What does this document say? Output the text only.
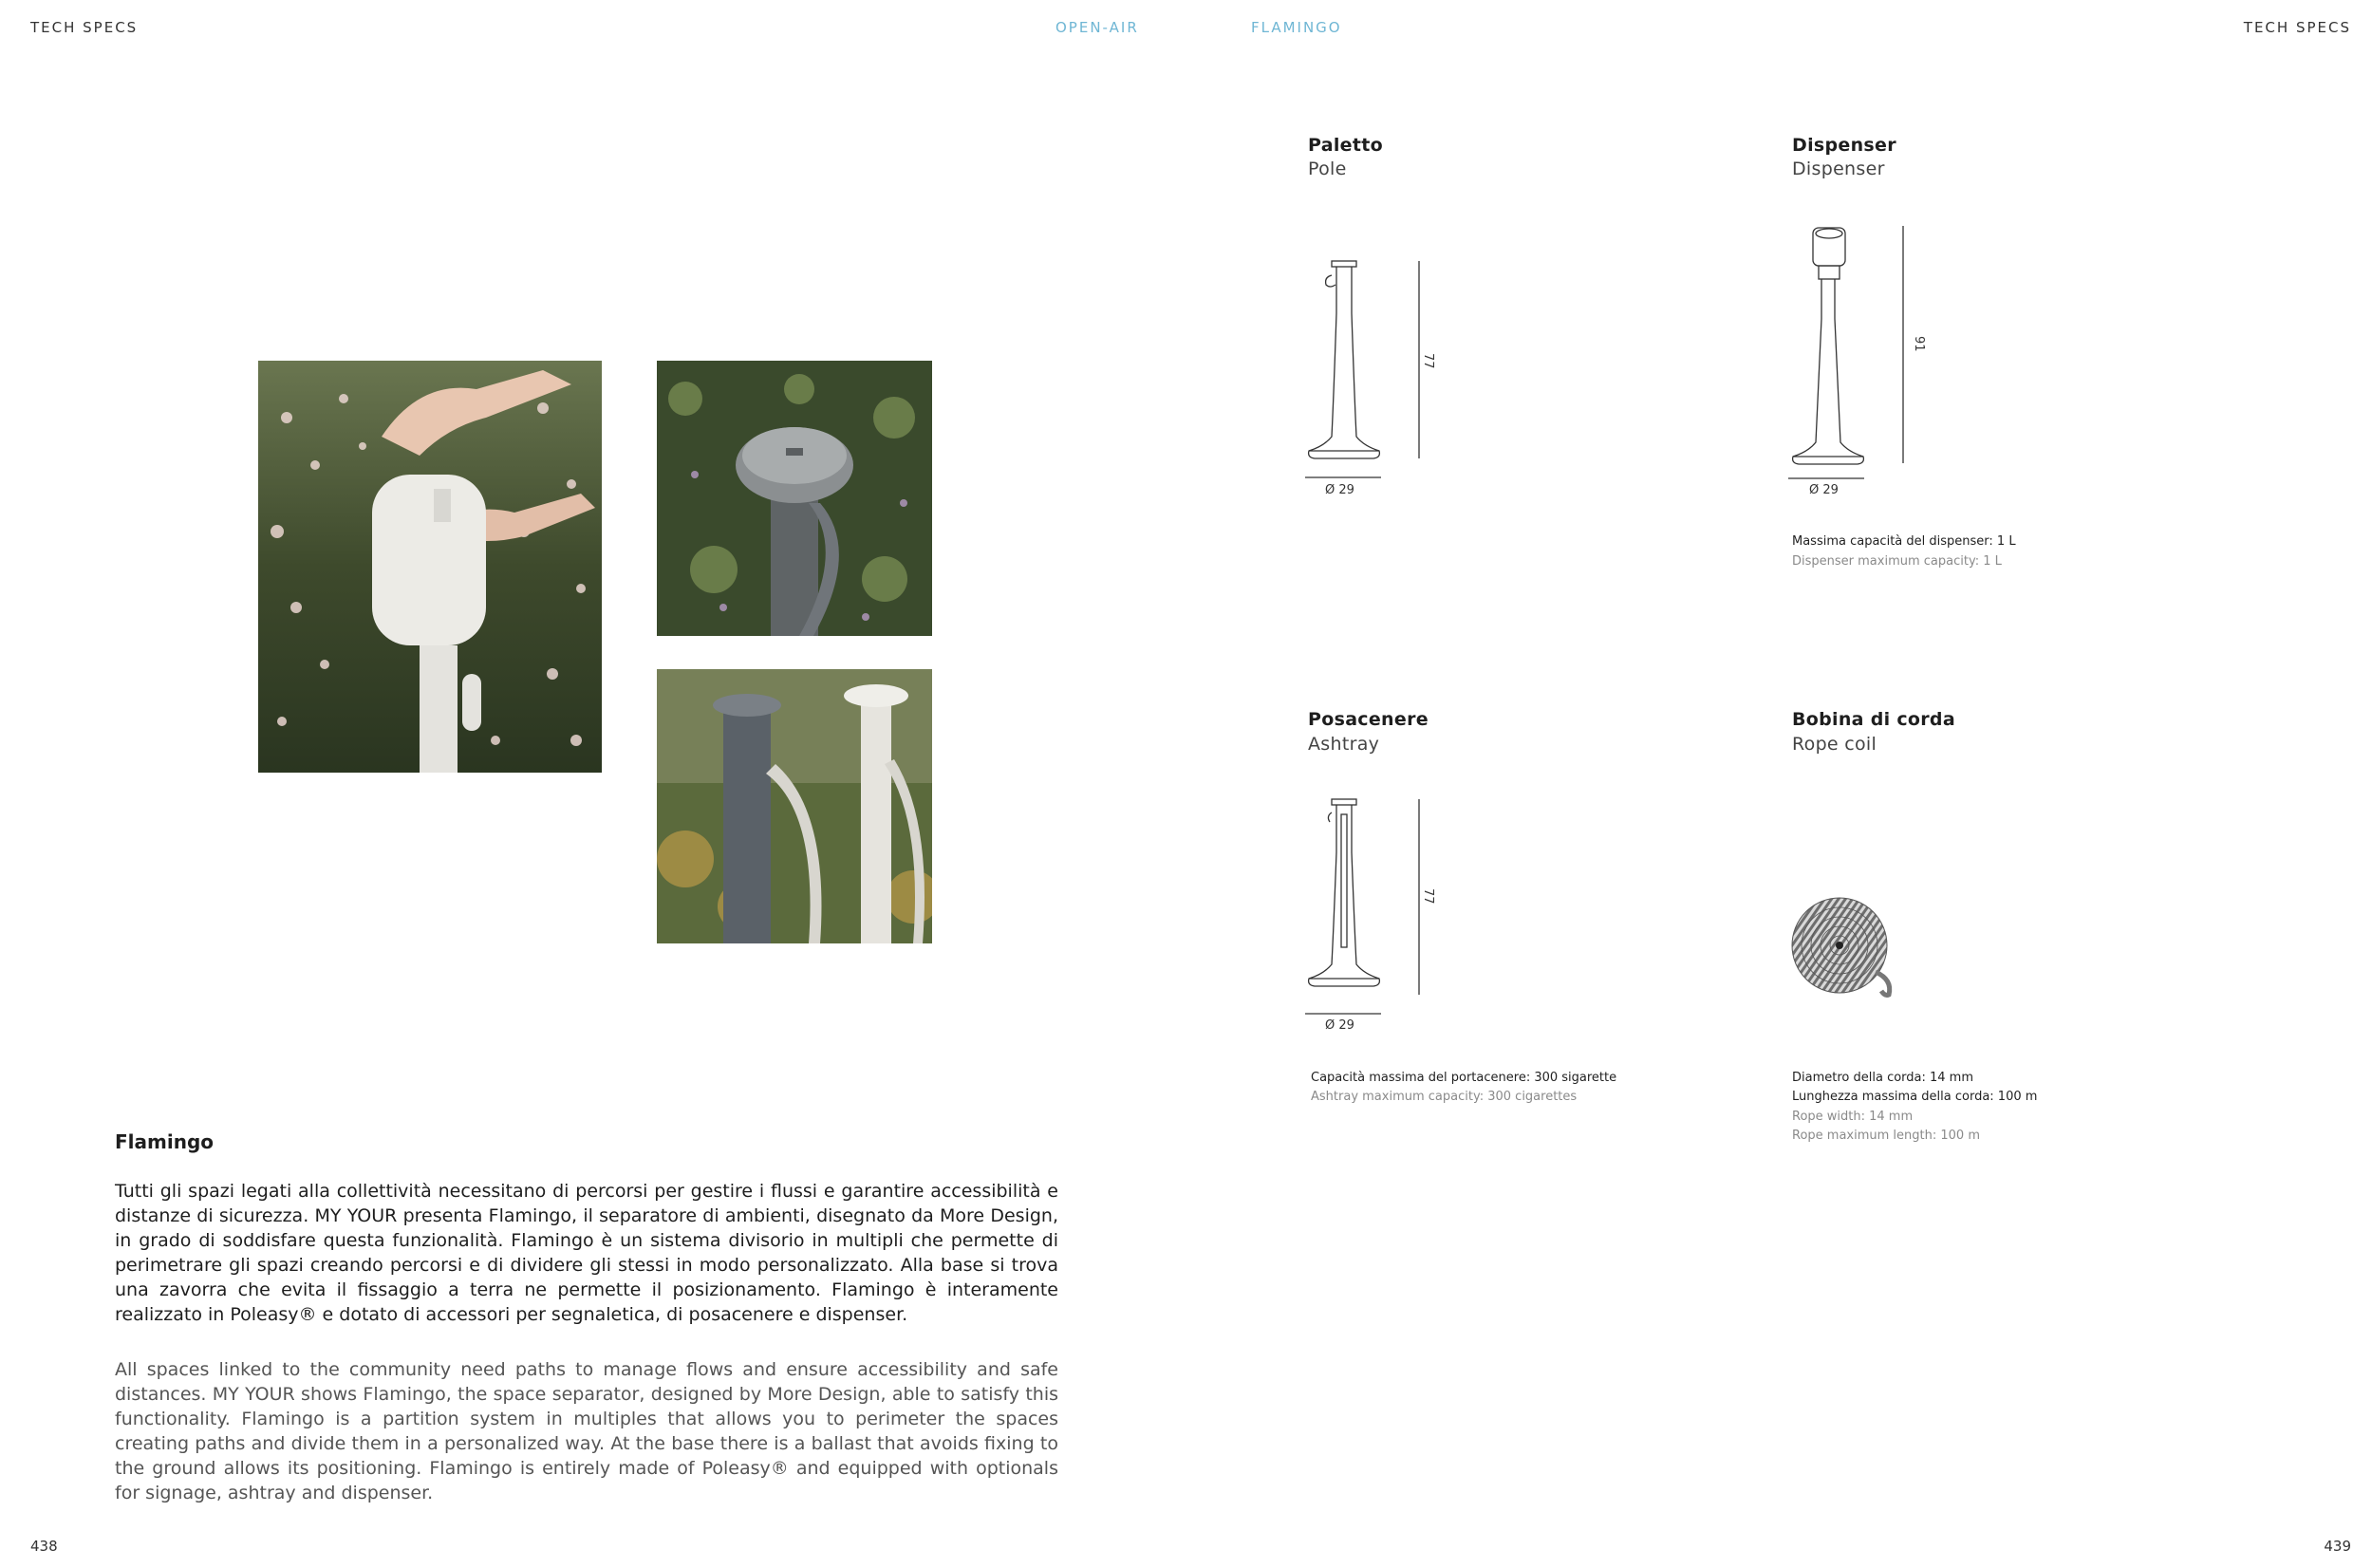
TECH SPECS	OPEN-AIR	FLAMINGO	TECH SPECS
Paletto
Pole
77
Ø 29
Dispenser
Dispenser
91
Ø 29
Massima capacità del dispenser: 1 L
Dispenser maximum capacity: 1 L
Posacenere
Ashtray
77
Ø 29
Capacità massima del portacenere: 300 sigarette
Ashtray maximum capacity: 300 cigarettes
Bobina di corda
Rope coil
Diametro della corda: 14 mm
Lunghezza massima della corda: 100 m
Rope width: 14 mm
Rope maximum length: 100 m
Flamingo
Tutti gli spazi legati alla collettività necessitano di percorsi per gestire i flussi e garantire accessibilità e distanze di sicurezza. MY YOUR presenta Flamingo, il separatore di ambienti, disegnato da More Design, in grado di soddisfare questa funzionalità. Flamingo è un sistema divisorio in multipli che permette di perimetrare gli spazi creando percorsi e di dividere gli stessi in modo personalizzato. Alla base si trova una zavorra che evita il fissaggio a terra ne permette il posizionamento. Flamingo è interamente realizzato in Poleasy® e dotato di accessori per segnaletica, di posacenere e dispenser.
All spaces linked to the community need paths to manage flows and ensure accessibility and safe distances. MY YOUR shows Flamingo, the space separator, designed by More Design, able to satisfy this functionality. Flamingo is a partition system in multiples that allows you to perimeter the spaces creating paths and divide them in a personalized way. At the base there is a ballast that avoids fixing to the ground allows its positioning. Flamingo is entirely made of Poleasy® and equipped with optionals for signage, ashtray and dispenser.
438	439
